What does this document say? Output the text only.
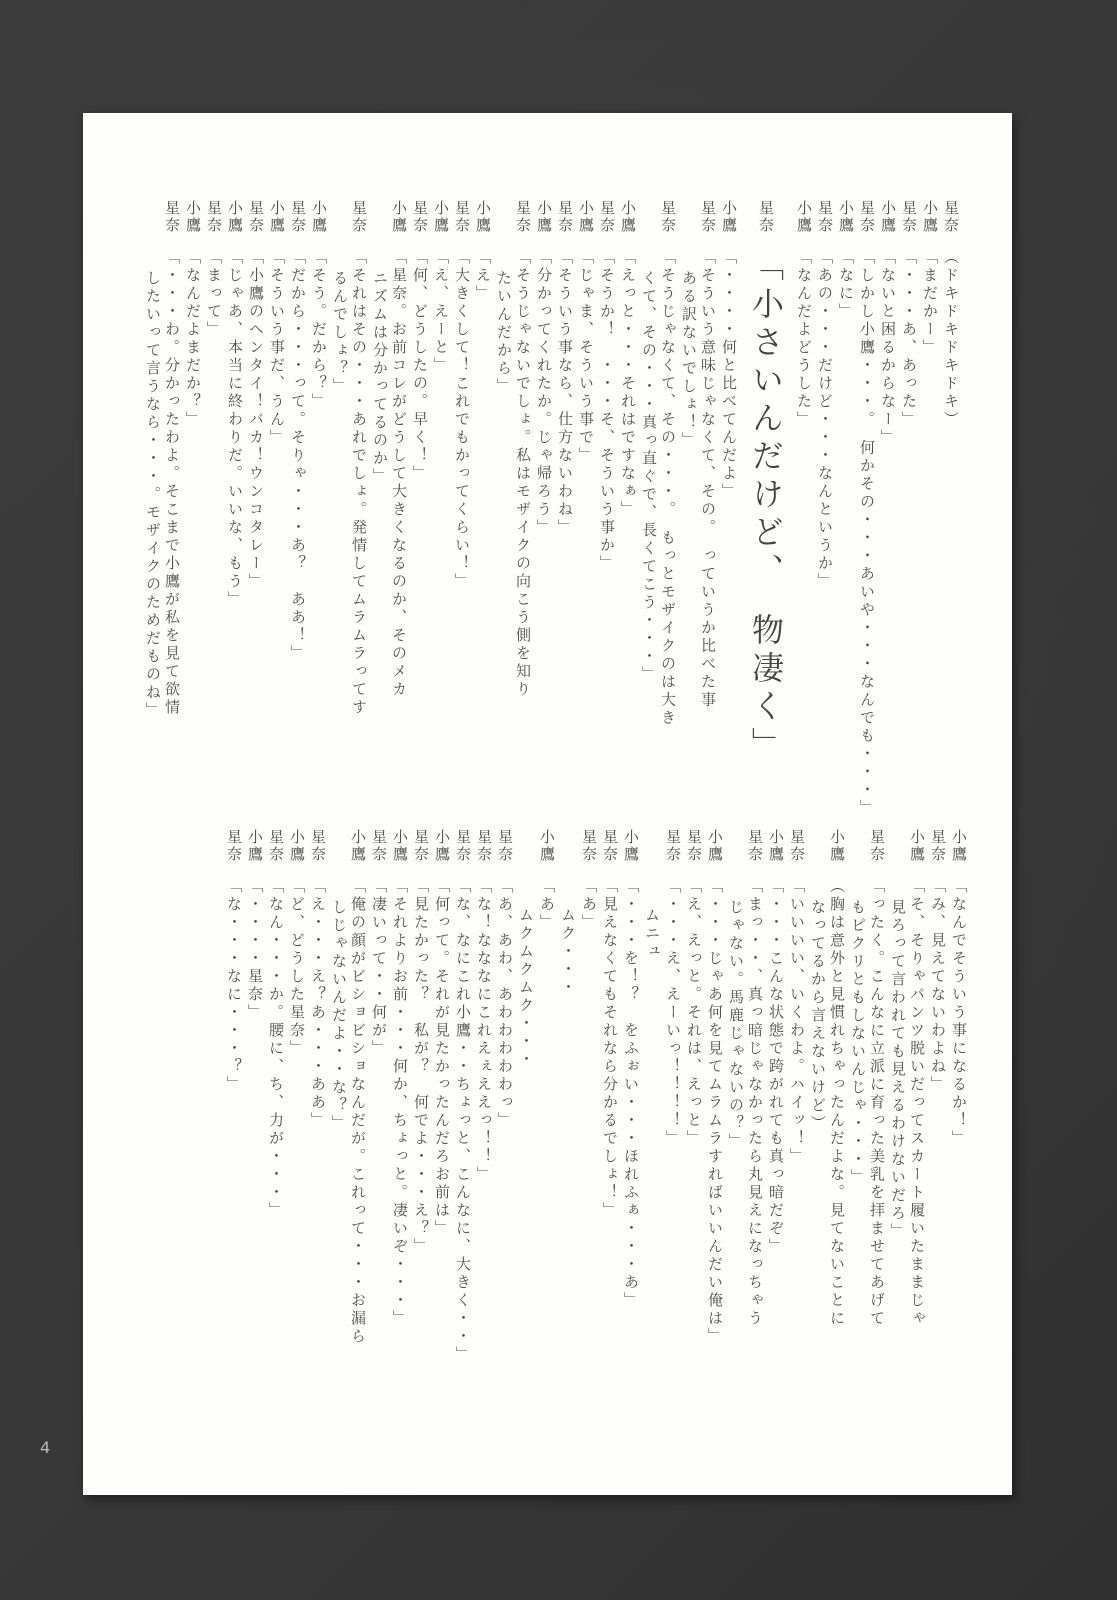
4

星奈（ドキドキドキドキ）

小鷹「まだかー」

星奈「・・・あ、あった」

小鷹「ないと困るからなー」

星奈「しかし小鷹・・・。　何かその・・・あいや・・・なんでも・・・」

小鷹「なに」

星奈「あの・・・だけど・・・なんというか」

小鷹「なんだよどうした」

星奈「小さいんだけど、　物凄く」

小鷹「・・・・何と比べてんだよ」

星奈「そういう意味じゃなくて、その。　っていうか比べた事

ある訳ないでしょ！」

星奈「そうじゃなくて、その・・・。　もっとモザイクのは大き

くて、その・・・真っ直ぐで、長くてこう・・・」

小鷹「えっと・・・それはですなぁ」

星奈「そうか！　・・・そ、そういう事か」

小鷹「じゃま、そういう事で」

星奈「そういう事なら、仕方ないわね」

小鷹「分かってくれたか。じゃ帰ろう」

星奈「そうじゃないでしょ。私はモザイクの向こう側を知り

たいんだから」

小鷹「え」

星奈「大きくして！これでもかってくらい！」

小鷹「え、えーと」

星奈「何、どうしたの。早く！」

小鷹「星奈。お前コレがどうして大きくなるのか、そのメカ

ニズムは分かってるのか」

星奈「それはその・・・あれでしょ。発情してムラムラってす

るんでしょ？」

小鷹「そう。だから？」

星奈「だから・・・って。そりゃ・・・あ？　ああ！」

小鷹「そういう事だ、うん」

星奈「小鷹のヘンタイ！バカ！ウンコタレー」

小鷹「じゃあ、本当に終わりだ。いいな、もう」

星奈「まって」

小鷹「なんだよまだか？」

星奈「・・・わ。分かったわよ。そこまで小鷹が私を見て欲情

したいって言うなら・・・。モザイクのためだものね」

小鷹「なんでそういう事になるか！」

星奈「み、見えてないわよね」

小鷹「そ、そりゃパンツ脱いだってスカート履いたままじゃ

見ろって言われても見えるわけないだろ」

星奈「ったく。こんなに立派に育った美乳を拝ませてあげて

もピクリともしないんじゃ・・・」

小鷹（胸は意外と見慣れちゃったんだよな。見てないことに

なってるから言えないけど）

星奈「いいいい、いくわよ。ハイッ！」

小鷹「・・・こんな状態で跨がれても真っ暗だぞ」

星奈「まっ・・、真っ暗じゃなかったら丸見えになっちゃう

じゃない。馬鹿じゃないの？」

小鷹「・・・じゃあ何を見てムラムラすればいいんだい俺は」

星奈「え、えっと。それは、えっと」

星奈「・・・え、えーいっ！！！！」

ムニュ

小鷹「・・・を！？　をふぉい・・・ほれふぁ・・・あ」

星奈「見えなくてもそれなら分かるでしょ！」

星奈「あ」

ムク・・・

小鷹「あ」

ムクムクムク・・・

星奈「あ、あわ、あわわわわわっ」

星奈「な！なななにこれえぇええっ！！」

星奈「な、なにこれ小鷹・・ちょっと、こんなに、大きく・・」

小鷹「何って。それが見たかったんだろお前は」

星奈「見たかった？　私が？　何でよ・・・え？」

小鷹「それよりお前・・・何か、ちょっと。凄いぞ・・・」

星奈「凄いって・・何が」

小鷹「俺の顔がビショビショなんだが。これって・・・お漏ら

しじゃないんだよ・・な？」

星奈「え・・・え？あ・・・ああ」

小鷹「ど、どうした星奈」

星奈「なん・・・か。腰に、ち、力が・・・」

小鷹「・・・・星奈」

星奈「な・・・なに・・・？」
